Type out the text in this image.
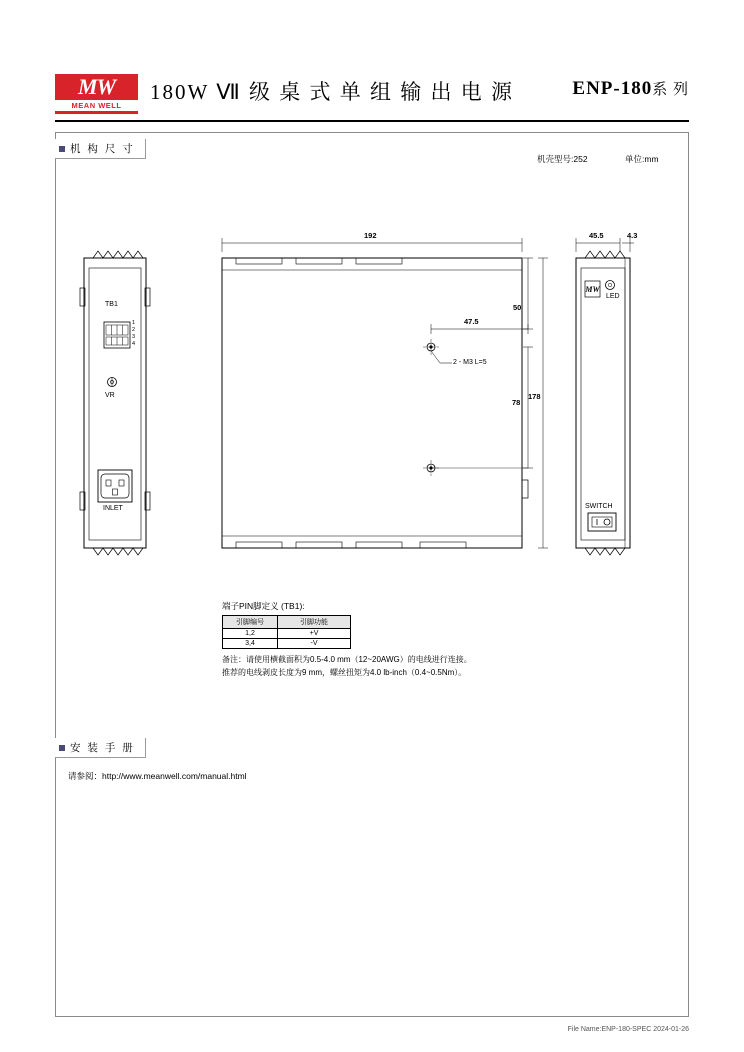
MW
MEAN WELL
180W Ⅶ 级 桌 式 单 组 输 出 电 源	ENP-180系 列
机 构 尺 寸
安 装 手 册
机壳型号:252	单位:mm
MW
TB1
1
2
3
4
VR
INLET
192	45.5	4.3
50
47.5
78
178
2 - M3 L=5
LED
SWITCH
端子PIN脚定义 (TB1):
引脚编号	引脚功能
1,2	+V
3,4	-V
备注：请使用横截面积为0.5-4.0 mm（12~20AWG）的电线进行连接。
推荐的电线剥皮长度为9 mm，螺丝扭矩为4.0 lb-inch（0.4~0.5Nm）。
请参阅：http://www.meanwell.com/manual.html
File Name:ENP-180-SPEC 2024-01-26
